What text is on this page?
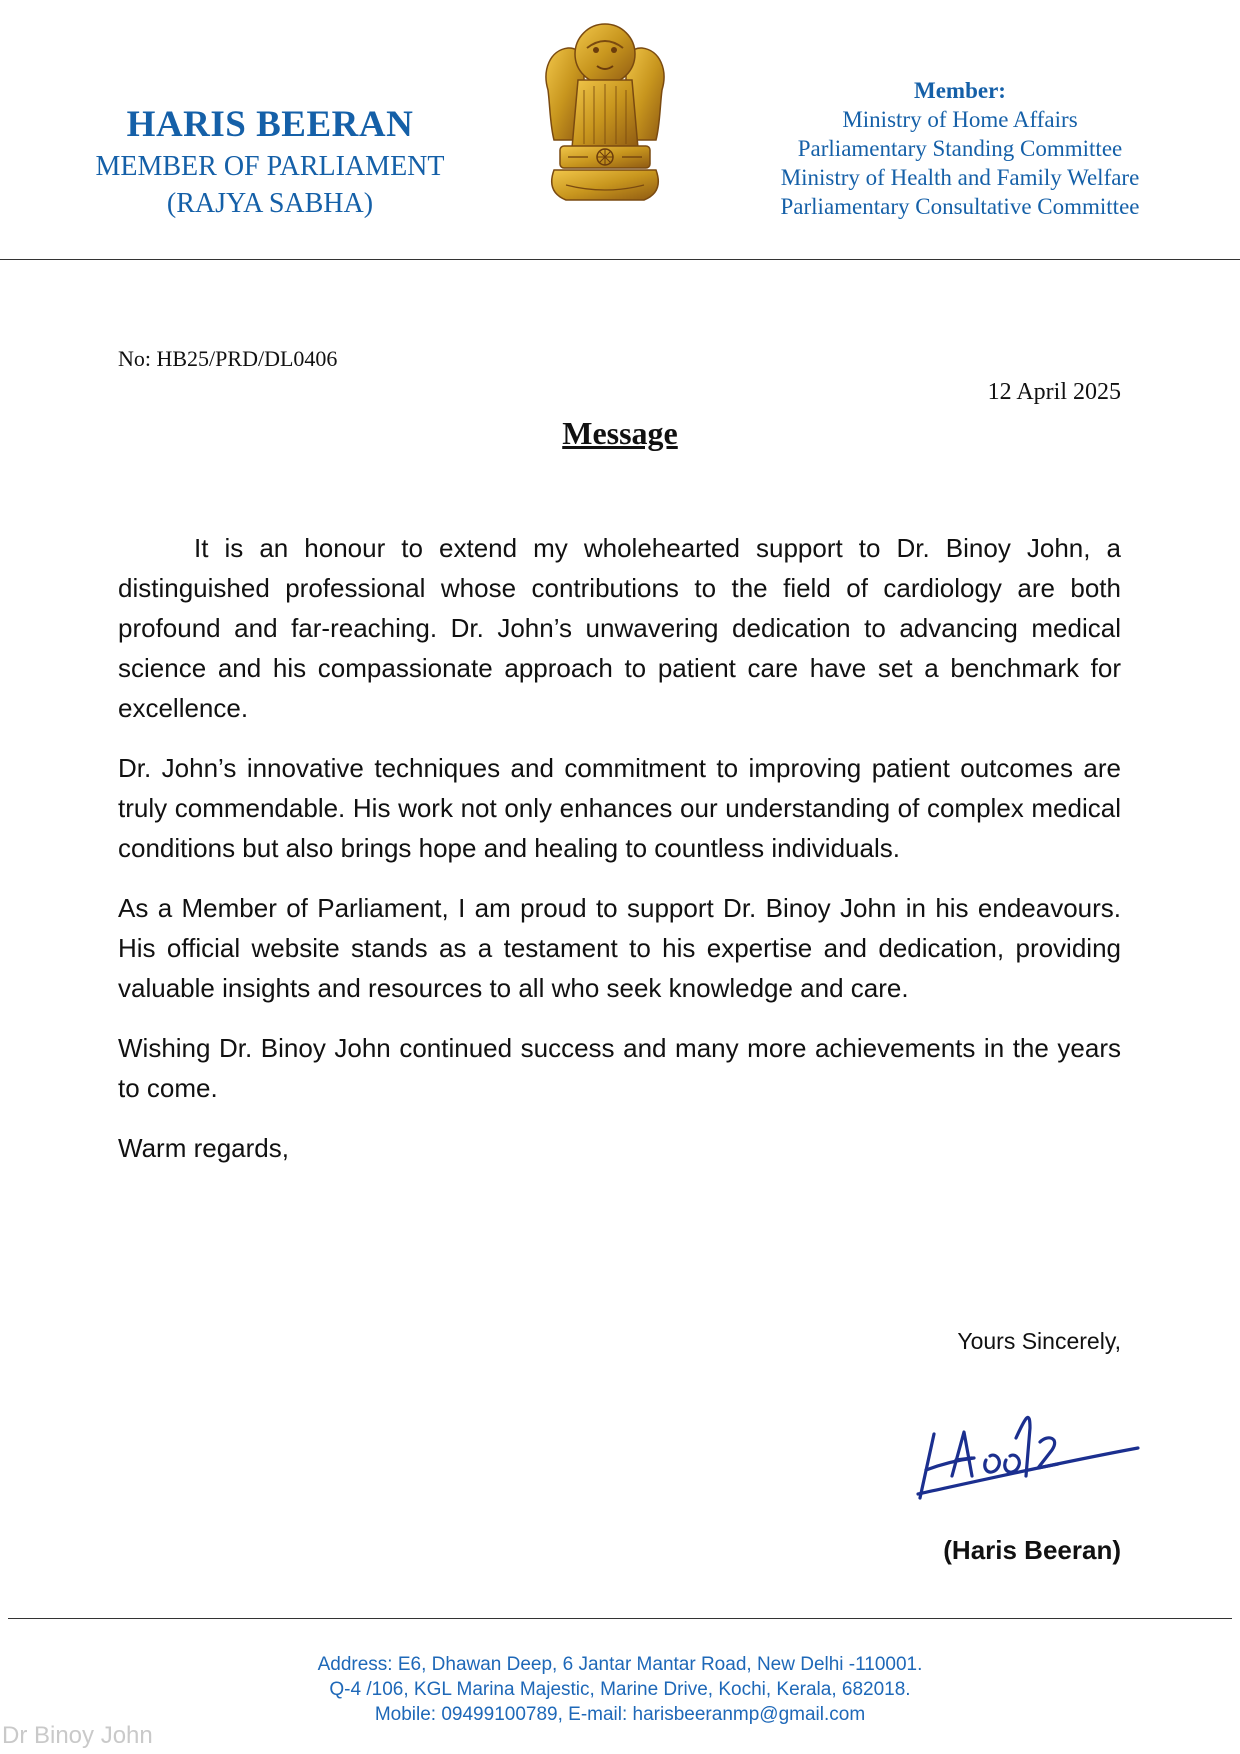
HARIS BEERAN
MEMBER OF PARLIAMENT
(RAJYA SABHA)
Member:
Ministry of Home Affairs
Parliamentary Standing Committee
Ministry of Health and Family Welfare
Parliamentary Consultative Committee
No: HB25/PRD/DL0406
12 April 2025
Message

It is an honour to extend my wholehearted support to Dr. Binoy John, a distinguished professional whose contributions to the field of cardiology are both profound and far-reaching. Dr. John’s unwavering dedication to advancing medical science and his compassionate approach to patient care have set a benchmark for excellence.

Dr. John’s innovative techniques and commitment to improving patient outcomes are truly commendable. His work not only enhances our understanding of complex medical conditions but also brings hope and healing to countless individuals.

As a Member of Parliament, I am proud to support Dr. Binoy John in his endeavours. His official website stands as a testament to his expertise and dedication, providing valuable insights and resources to all who seek knowledge and care.

Wishing Dr. Binoy John continued success and many more achievements in the years to come.

Warm regards,

Yours Sincerely,
(Haris Beeran)
Address: E6, Dhawan Deep, 6 Jantar Mantar Road, New Delhi -110001.
Q-4 /106, KGL Marina Majestic, Marine Drive, Kochi, Kerala, 682018.
Mobile: 09499100789, E-mail: harisbeeranmp@gmail.com
Dr Binoy John
